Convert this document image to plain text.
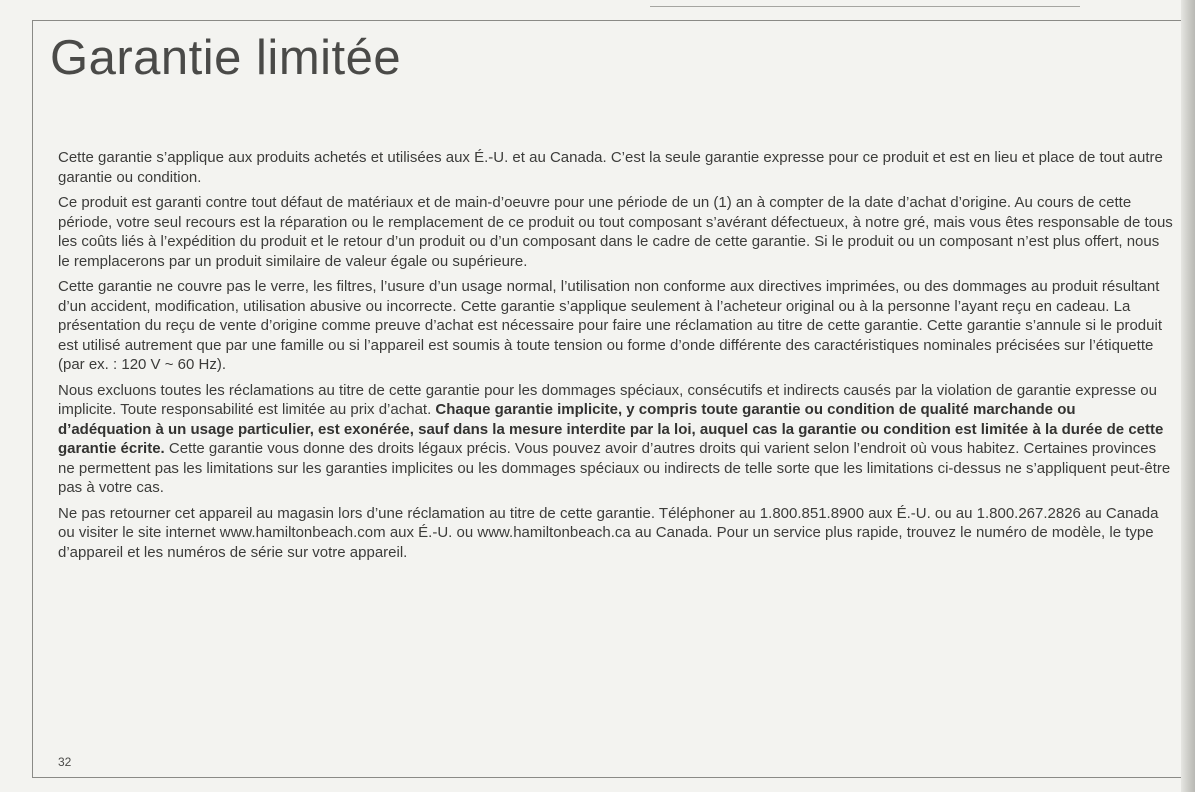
Garantie limitée

Cette garantie s’applique aux produits achetés et utilisées aux É.-U. et au Canada. C’est la seule garantie expresse pour ce produit et est en lieu et place de tout autre garantie ou condition.

Ce produit est garanti contre tout défaut de matériaux et de main-d’oeuvre pour une période de un (1) an à compter de la date d’achat d’origine. Au cours de cette période, votre seul recours est la réparation ou le remplacement de ce produit ou tout composant s’avérant défectueux, à notre gré, mais vous êtes responsable de tous les coûts liés à l’expédition du produit et le retour d’un produit ou d’un composant dans le cadre de cette garantie. Si le produit ou un composant n’est plus offert, nous le remplacerons par un produit similaire de valeur égale ou supérieure.

Cette garantie ne couvre pas le verre, les filtres, l’usure d’un usage normal, l’utilisation non conforme aux directives imprimées, ou des dommages au produit résultant d’un accident, modification, utilisation abusive ou incorrecte. Cette garantie s’applique seulement à l’acheteur original ou à la personne l’ayant reçu en cadeau. La présentation du reçu de vente d’origine comme preuve d’achat est nécessaire pour faire une réclamation au titre de cette garantie. Cette garantie s’annule si le produit est utilisé autrement que par une famille ou si l’appareil est soumis à toute tension ou forme d’onde différente des caractéristiques nominales précisées sur l’étiquette (par ex. : 120 V ~ 60 Hz).

Nous excluons toutes les réclamations au titre de cette garantie pour les dommages spéciaux, consécutifs et indirects causés par la violation de garantie expresse ou implicite. Toute responsabilité est limitée au prix d’achat. Chaque garantie implicite, y compris toute garantie ou condition de qualité marchande ou d’adéquation à un usage particulier, est exonérée, sauf dans la mesure interdite par la loi, auquel cas la garantie ou condition est limitée à la durée de cette garantie écrite. Cette garantie vous donne des droits légaux précis. Vous pouvez avoir d’autres droits qui varient selon l’endroit où vous habitez. Certaines provinces ne permettent pas les limitations sur les garanties implicites ou les dommages spéciaux ou indirects de telle sorte que les limitations ci-dessus ne s’appliquent peut-être pas à votre cas.

Ne pas retourner cet appareil au magasin lors d’une réclamation au titre de cette garantie. Téléphoner au 1.800.851.8900 aux É.-U. ou au 1.800.267.2826 au Canada ou visiter le site internet www.hamiltonbeach.com aux É.-U. ou www.hamiltonbeach.ca au Canada. Pour un service plus rapide, trouvez le numéro de modèle, le type d’appareil et les numéros de série sur votre appareil.

32
